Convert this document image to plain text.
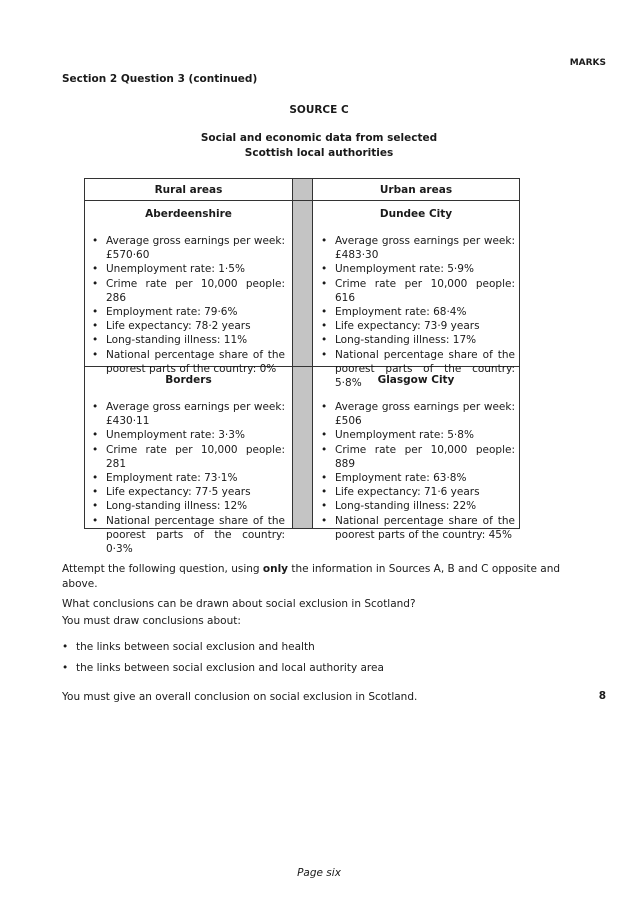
MARKS
Section 2 Question 3 (continued)
SOURCE C
Social and economic data from selected
Scottish local authorities
Rural areas	Urban areas
Aberdeenshire
• Average gross earnings per week: £570·60
• Unemployment rate: 1·5%
• Crime rate per 10,000 people: 286
• Employment rate: 79·6%
• Life expectancy: 78·2 years
• Long-standing illness: 11%
• National percentage share of the poorest parts of the country: 0%
Dundee City
• Average gross earnings per week: £483·30
• Unemployment rate: 5·9%
• Crime rate per 10,000 people: 616
• Employment rate: 68·4%
• Life expectancy: 73·9 years
• Long-standing illness: 17%
• National percentage share of the poorest parts of the country: 5·8%
Borders
• Average gross earnings per week: £430·11
• Unemployment rate: 3·3%
• Crime rate per 10,000 people: 281
• Employment rate: 73·1%
• Life expectancy: 77·5 years
• Long-standing illness: 12%
• National percentage share of the poorest parts of the country: 0·3%
Glasgow City
• Average gross earnings per week: £506
• Unemployment rate: 5·8%
• Crime rate per 10,000 people: 889
• Employment rate: 63·8%
• Life expectancy: 71·6 years
• Long-standing illness: 22%
• National percentage share of the poorest parts of the country: 45%
Attempt the following question, using only the information in Sources A, B and C opposite and above.
What conclusions can be drawn about social exclusion in Scotland?
You must draw conclusions about:
• the links between social exclusion and health
• the links between social exclusion and local authority area
You must give an overall conclusion on social exclusion in Scotland.	8
Page six
